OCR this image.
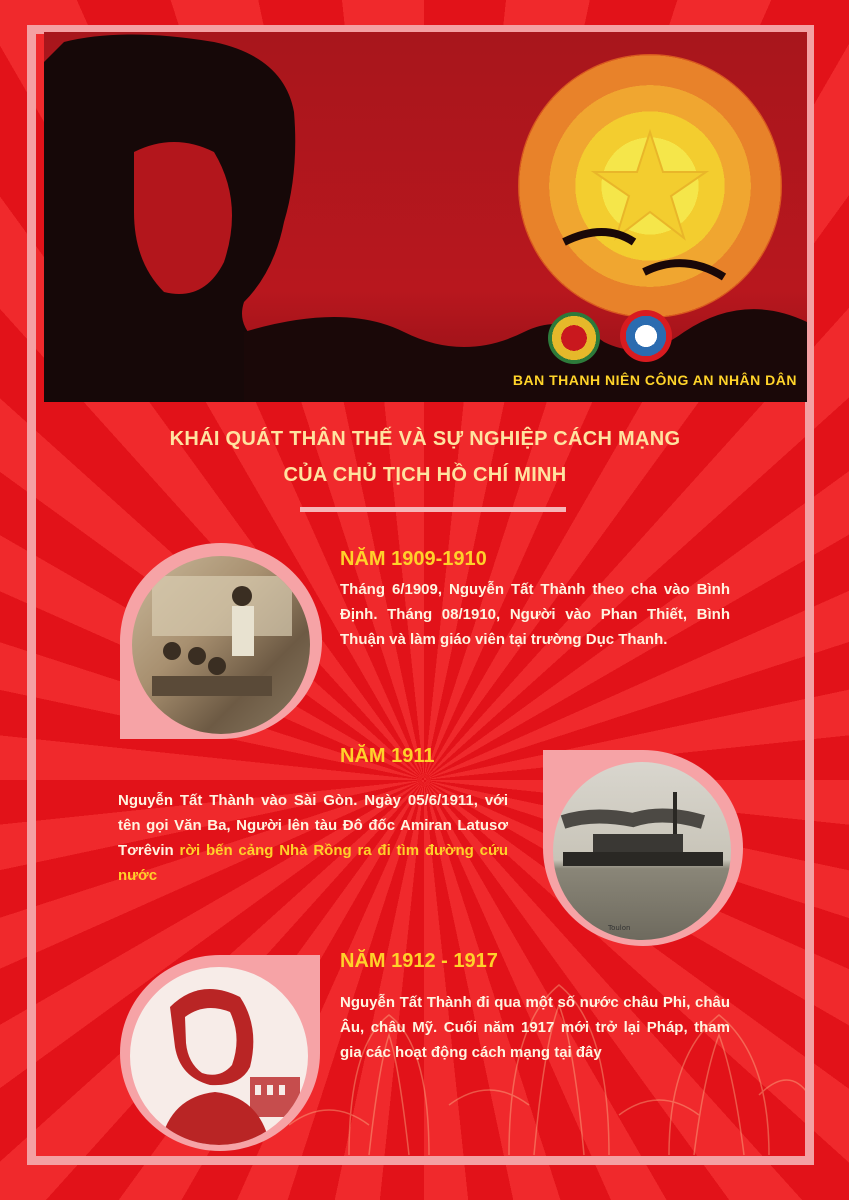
BAN THANH NIÊN CÔNG AN NHÂN DÂN
KHÁI QUÁT THÂN THẾ VÀ SỰ NGHIỆP CÁCH MẠNG
CỦA CHỦ TỊCH HỒ CHÍ MINH
NĂM 1909-1910
Tháng 6/1909, Nguyễn Tất Thành theo cha vào Bình Định. Tháng 08/1910, Người vào Phan Thiết, Bình Thuận và làm giáo viên tại trường Dục Thanh.
NĂM 1911
Nguyễn Tất Thành vào Sài Gòn. Ngày 05/6/1911, với tên gọi Văn Ba, Người lên tàu Đô đốc Amiran Latusơ Tơrêvin rời bến cảng Nhà Rồng ra đi tìm đường cứu nước
Toulon
NĂM 1912 - 1917
Nguyễn Tất Thành đi qua một số nước châu Phi, châu Âu, châu Mỹ. Cuối năm 1917 mới trở lại Pháp, tham gia các hoạt động cách mạng tại đây
